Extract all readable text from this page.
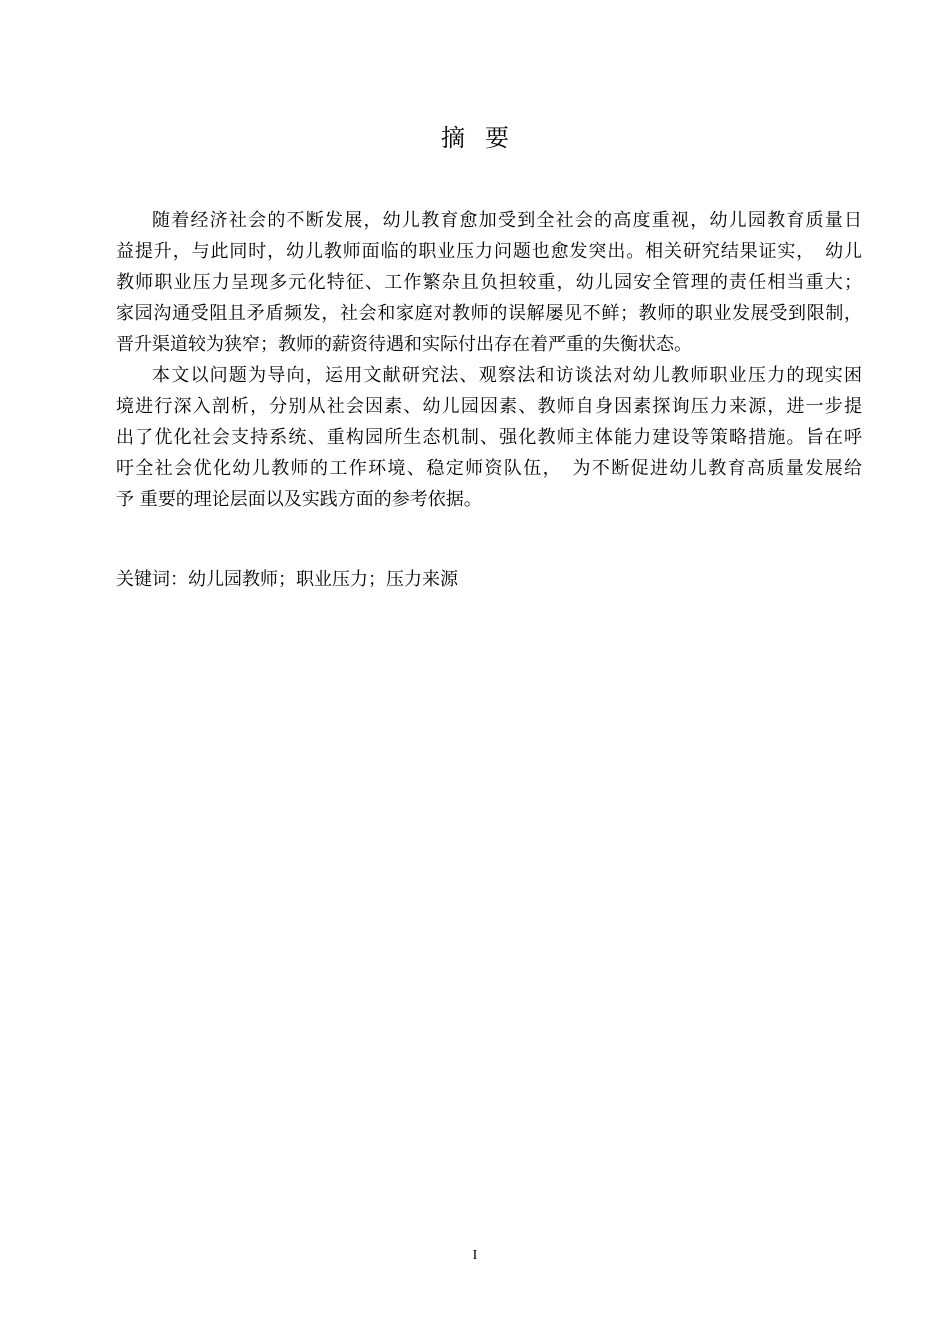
摘 要
随着经济社会的不断发展，幼儿教育愈加受到全社会的高度重视，幼儿园教育质量日
益提升，与此同时，幼儿教师面临的职业压力问题也愈发突出。相关研究结果证实，　幼儿
教师职业压力呈现多元化特征、工作繁杂且负担较重，幼儿园安全管理的责任相当重大；
家园沟通受阻且矛盾频发，社会和家庭对教师的误解屡见不鲜；教师的职业发展受到限制，
晋升渠道较为狭窄；教师的薪资待遇和实际付出存在着严重的失衡状态。
本文以问题为导向，运用文献研究法、观察法和访谈法对幼儿教师职业压力的现实困
境进行深入剖析，分别从社会因素、幼儿园因素、教师自身因素探询压力来源，进一步提
出了优化社会支持系统、重构园所生态机制、强化教师主体能力建设等策略措施。旨在呼
吁全社会优化幼儿教师的工作环境、稳定师资队伍，　为不断促进幼儿教育高质量发展给
予 重要的理论层面以及实践方面的参考依据。
关键词：幼儿园教师；职业压力；压力来源
I
